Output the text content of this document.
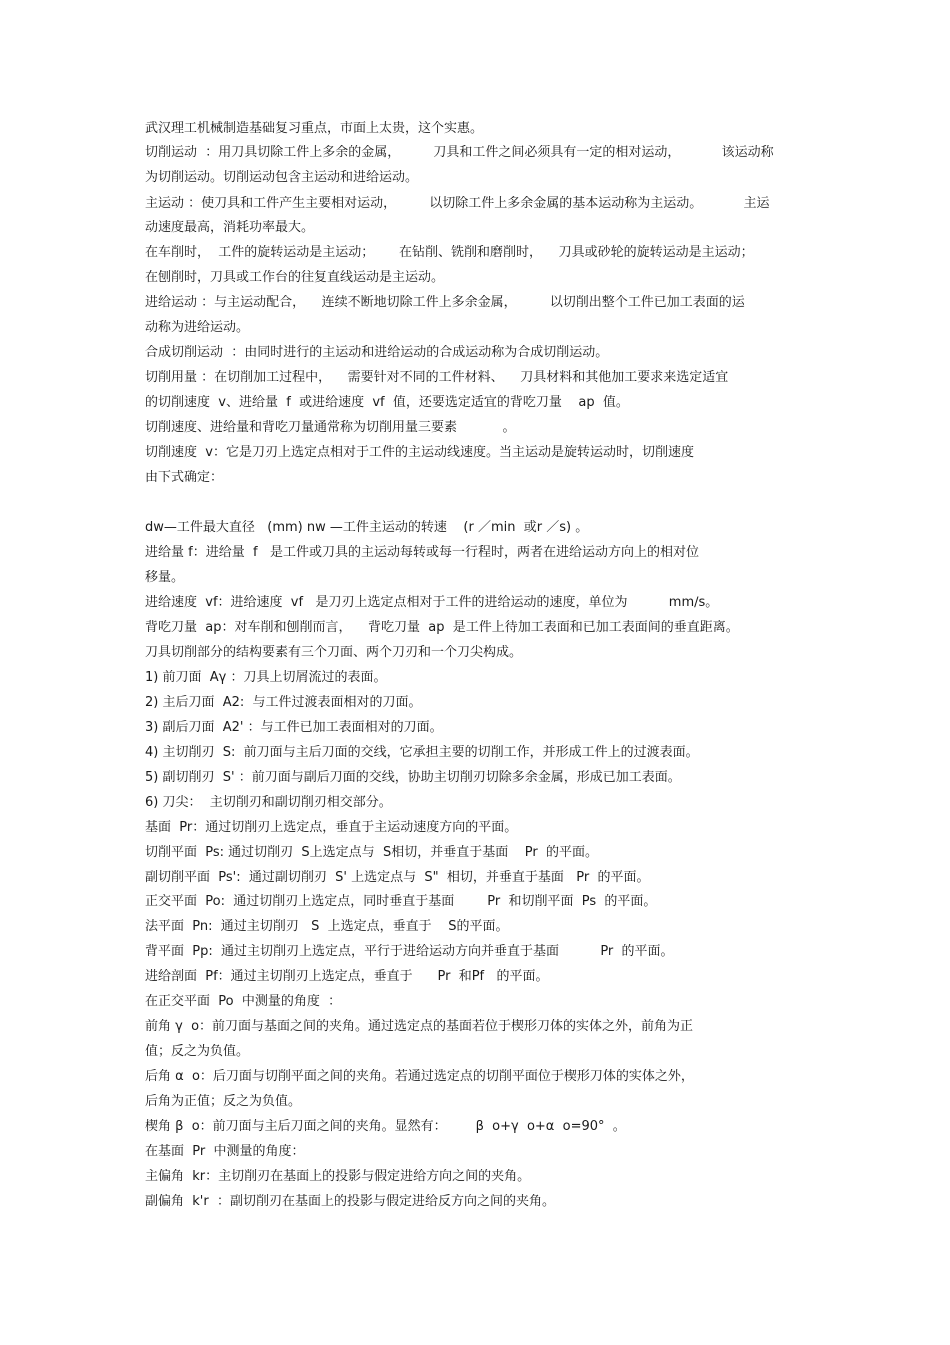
武汉理工机械制造基础复习重点，市面上太贵，这个实惠。
切削运动  ：用刀具切除工件上多余的金属，        刀具和工件之间必须具有一定的相对运动，          该运动称
为切削运动。切削运动包含主运动和进给运动。
主运动 ：使刀具和工件产生主要相对运动，        以切除工件上多余金属的基本运动称为主运动。          主运
动速度最高，消耗功率最大。
在车削时，  工件的旋转运动是主运动；      在钻削、铣削和磨削时，    刀具或砂轮的旋转运动是主运动；
在刨削时，刀具或工作台的往复直线运动是主运动。
进给运动 ：与主运动配合，    连续不断地切除工件上多余金属，        以切削出整个工件已加工表面的运
动称为进给运动。
合成切削运动  ：由同时进行的主运动和进给运动的合成运动称为合成切削运动。
切削用量 ：在切削加工过程中，    需要针对不同的工件材料、    刀具材料和其他加工要求来选定适宜
的切削速度  v、进给量  f  或进给速度  vf  值，还要选定适宜的背吃刀量    ap  值。
切削速度、进给量和背吃刀量通常称为切削用量三要素           。
切削速度  v：它是刀刃上选定点相对于工件的主运动线速度。当主运动是旋转运动时，切削速度
由下式确定：
dw—工件最大直径   (mm) nw —工件主运动的转速    (r ／min  或r ／s) 。
进给量 f：进给量  f   是工件或刀具的主运动每转或每一行程时，两者在进给运动方向上的相对位
移量。
进给速度  vf：进给速度  vf   是刀刃上选定点相对于工件的进给运动的速度，单位为          mm∕s。
背吃刀量  ap：对车削和刨削而言，    背吃刀量  ap  是工件上待加工表面和已加工表面间的垂直距离。
刀具切削部分的结构要素有三个刀面、两个刀刃和一个刀尖构成。
1) 前刀面  Aγ ：刀具上切屑流过的表面。
2) 主后刀面  A2:  与工件过渡表面相对的刀面。
3) 副后刀面  A2' ：与工件已加工表面相对的刀面。
4) 主切削刃  S:  前刀面与主后刀面的交线，它承担主要的切削工作，并形成工件上的过渡表面。
5) 副切削刃  S' ：前刀面与副后刀面的交线，协助主切削刃切除多余金属，形成已加工表面。
6) 刀尖：  主切削刃和副切削刃相交部分。
基面  Pr：通过切削刃上选定点，垂直于主运动速度方向的平面。
切削平面  Ps: 通过切削刃  S上选定点与  S相切，并垂直于基面    Pr  的平面。
副切削平面  Ps':  通过副切削刃  S' 上选定点与  S"  相切，并垂直于基面   Pr  的平面。
正交平面  Po:  通过切削刃上选定点，同时垂直于基面        Pr  和切削平面  Ps  的平面。
法平面  Pn:  通过主切削刃   S  上选定点，垂直于    S的平面。
背平面  Pp:  通过主切削刃上选定点，平行于进给运动方向并垂直于基面          Pr  的平面。
进给剖面  Pf：通过主切削刃上选定点，垂直于      Pr  和Pf   的平面。
在正交平面  Po  中测量的角度  ：
前角 γ  o：前刀面与基面之间的夹角。通过选定点的基面若位于楔形刀体的实体之外，前角为正
值；反之为负值。
后角 α  o：后刀面与切削平面之间的夹角。若通过选定点的切削平面位于楔形刀体的实体之外，
后角为正值；反之为负值。
楔角 β  o：前刀面与主后刀面之间的夹角。显然有：       β  o+γ  o+α  o=90°  。
在基面  Pr  中测量的角度：
主偏角  kr：主切削刃在基面上的投影与假定进给方向之间的夹角。
副偏角  k'r  ：副切削刃在基面上的投影与假定进给反方向之间的夹角。
